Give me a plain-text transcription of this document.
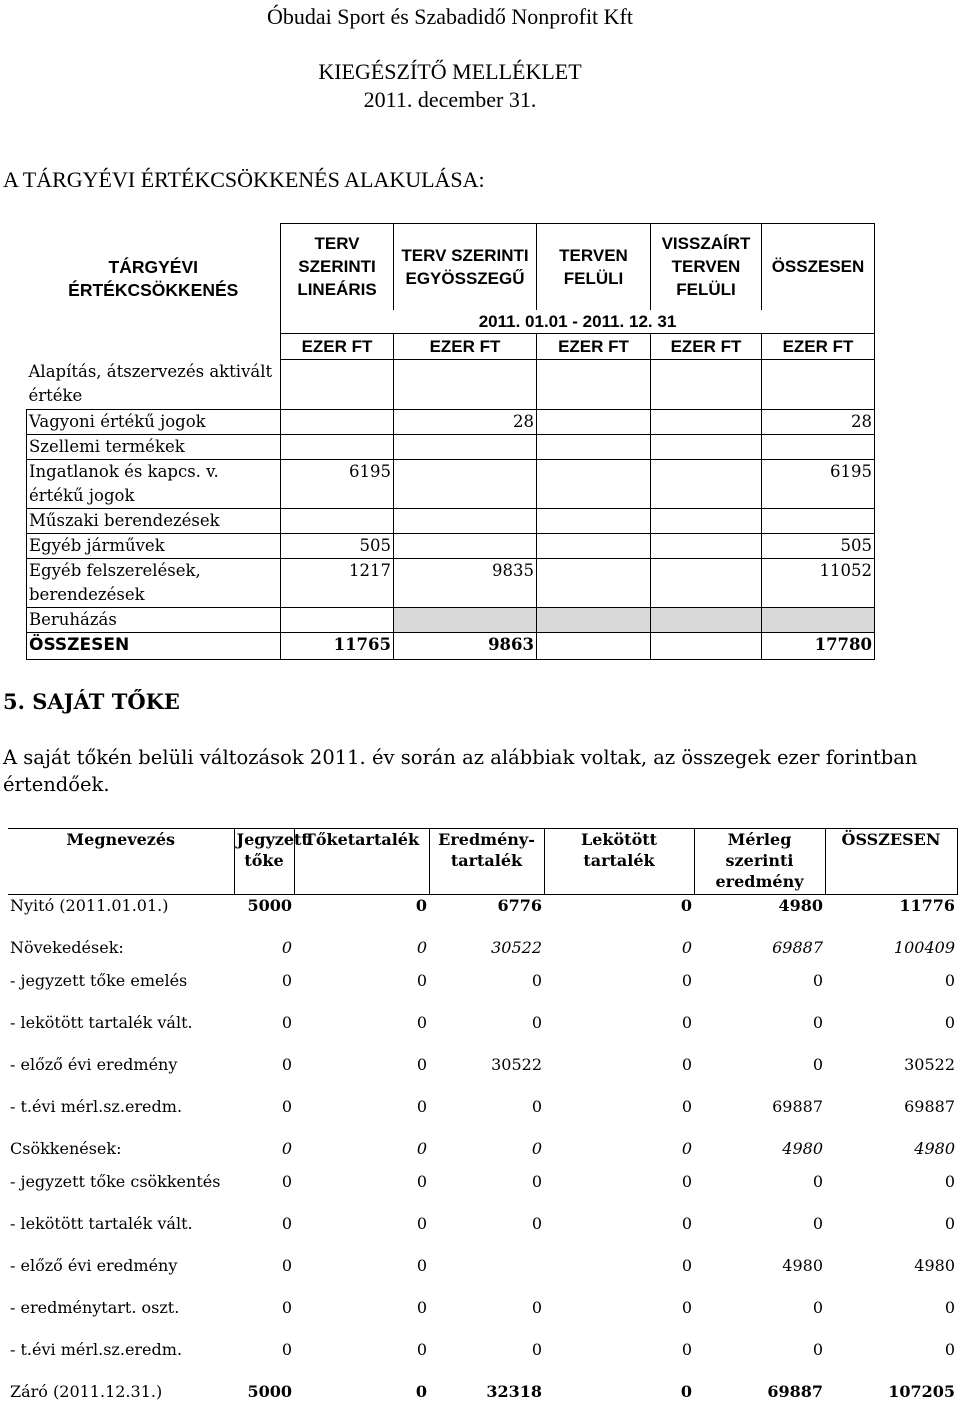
Óbudai Sport és Szabadidő Nonprofit Kft
KIEGÉSZÍTŐ MELLÉKLET
2011. december 31.
A TÁRGYÉVI ÉRTÉKCSÖKKENÉS ALAKULÁSA:
TÁRGYÉVI ÉRTÉKCSÖKKENÉS	TERV SZERINTI LINEÁRIS	TERV SZERINTI EGYÖSSZEGŰ	TERVEN FELÜLI	VISSZAÍRT TERVEN FELÜLI	ÖSSZESEN
	2011. 01.01 - 2011. 12. 31				
	EZER FT	EZER FT	EZER FT	EZER FT	EZER FT
Alapítás, átszervezés aktivált értéke					
Vagyoni értékű jogok		28			28
Szellemi termékek					
Ingatlanok és kapcs. v. értékű jogok	6195				6195
Műszaki berendezések					
Egyéb járművek	505				505
Egyéb felszerelések, berendezések	1217	9835			11052
Beruházás					
ÖSSZESEN	11765	9863			17780
5. SAJÁT TŐKE
A saját tőkén belüli változások 2011. év során az alábbiak voltak, az összegek ezer forintban értendőek.
Megnevezés	Jegyzett tőke	Tőketartalék	Eredmény-tartalék	Lekötött tartalék	Mérleg szerinti eredmény	ÖSSZESEN
Nyitó (2011.01.01.)	5000	0	6776	0	4980	11776
Növekedések:	0	0	30522	0	69887	100409
- jegyzett tőke emelés	0	0	0	0	0	0
- lekötött tartalék vált.	0	0	0	0	0	0
- előző évi eredmény	0	0	30522	0	0	30522
- t.évi mérl.sz.eredm.	0	0	0	0	69887	69887
Csökkenések:	0	0	0	0	4980	4980
- jegyzett tőke csökkentés	0	0	0	0	0	0
- lekötött tartalék vált.	0	0	0	0	0	0
- előző évi eredmény	0	0		0	4980	4980
- eredménytart. oszt.	0	0	0	0	0	0
- t.évi mérl.sz.eredm.	0	0	0	0	0	0
Záró (2011.12.31.)	5000	0	32318	0	69887	107205
